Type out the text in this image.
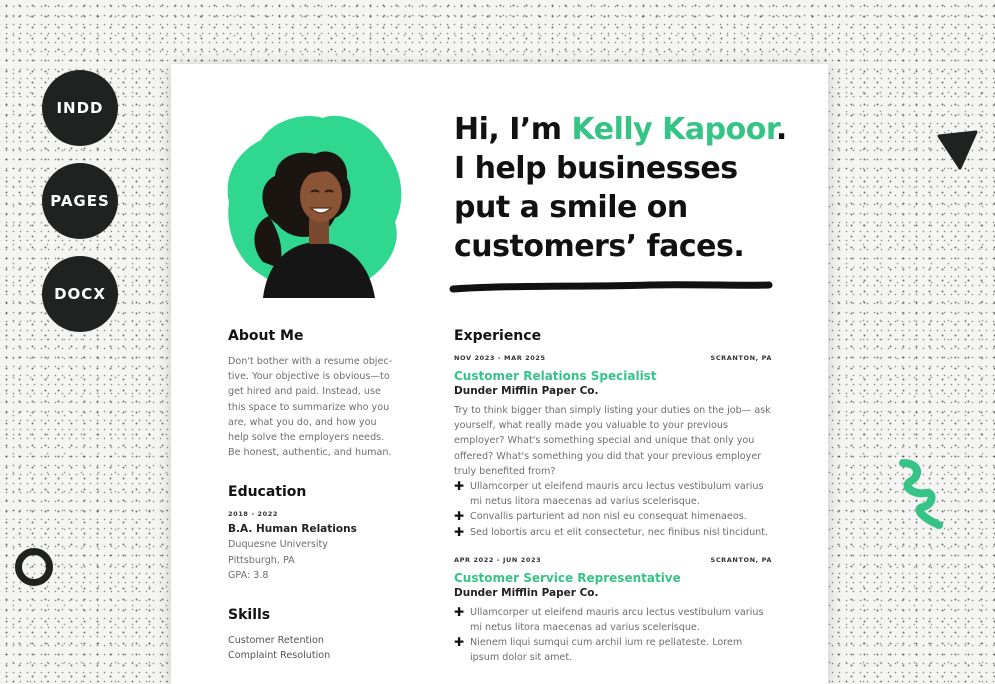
INDD
PAGES
DOCX
Hi, I’m Kelly Kapoor.
I help businesses
put a smile on
customers’ faces.
About Me
Don't bother with a resume objec-tive. Your objective is obvious—to get hired and paid. Instead, use this space to summarize who you are, what you do, and how you help solve the employers needs. Be honest, authentic, and human.
Education
2018 - 2022
B.A. Human Relations
Duquesne University
Pittsburgh, PA
GPA: 3.8
Skills
Customer Retention
Complaint Resolution
Experience
NOV 2023 - MAR 2025	SCRANTON, PA
Customer Relations Specialist
Dunder Mifflin Paper Co.
Try to think bigger than simply listing your duties on the job— ask yourself, what really made you valuable to your previous employer? What's something special and unique that only you offered? What's something you did that your previous employer truly benefited from?
✚ Ullamcorper ut eleifend mauris arcu lectus vestibulum varius mi netus litora maecenas ad varius scelerisque.
✚ Convallis parturient ad non nisl eu consequat himenaeos.
✚ Sed lobortis arcu et elit consectetur, nec finibus nisl tincidunt.
APR 2022 - JUN 2023	SCRANTON, PA
Customer Service Representative
Dunder Mifflin Paper Co.
✚ Ullamcorper ut eleifend mauris arcu lectus vestibulum varius mi netus litora maecenas ad varius scelerisque.
✚ Nienem liqui sumqui cum archil ium re pellateste. Lorem ipsum dolor sit amet.
